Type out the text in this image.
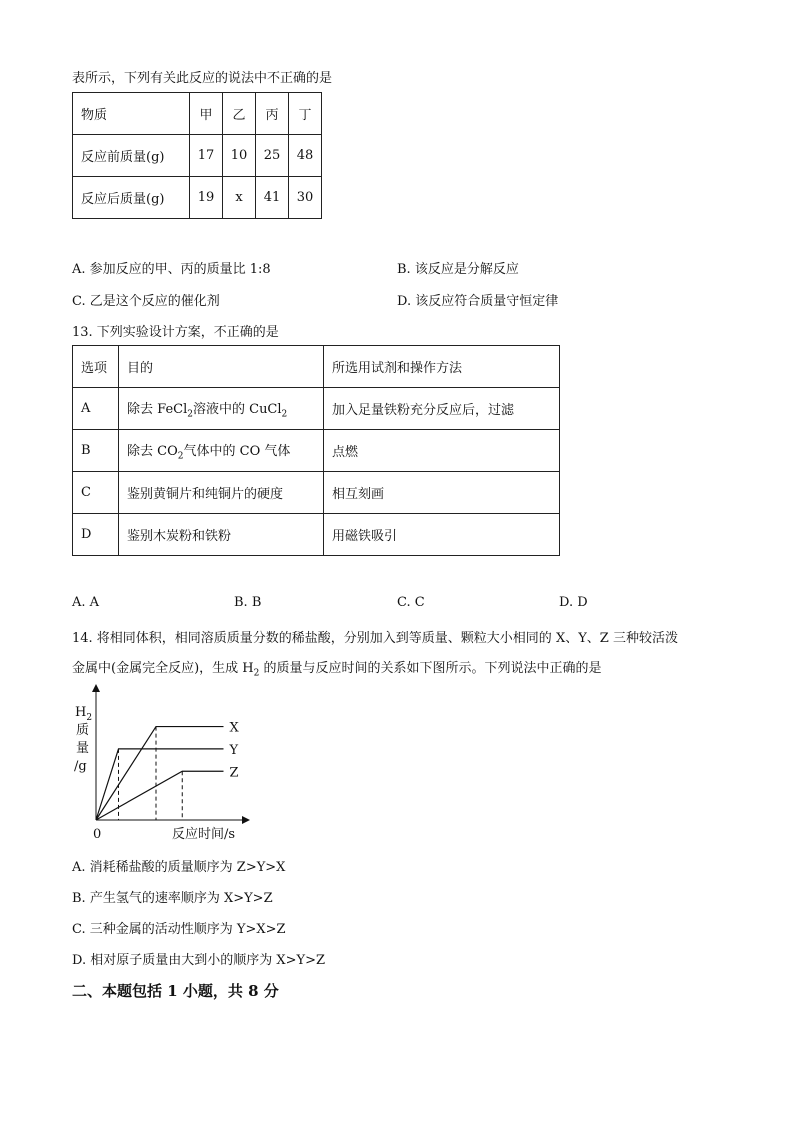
表所示，下列有关此反应的说法中不正确的是
物质	甲	乙	丙	丁
反应前质量(g)	17	10	25	48
反应后质量(g)	19	x	41	30
A. 参加反应的甲、丙的质量比 1:8	B. 该反应是分解反应
C. 乙是这个反应的催化剂	D. 该反应符合质量守恒定律
13. 下列实验设计方案，不正确的是
选项	目的	所选用试剂和操作方法
A	除去 FeCl$_2$溶液中的 CuCl$_2$	加入足量铁粉充分反应后，过滤
B	除去 $CO_2$气体中的 CO 气体	点燃
C	鉴别黄铜片和纯铜片的硬度	相互刻画
D	鉴别木炭粉和铁粉	用磁铁吸引
A. A	B. B	C. C	D. D
14. 将相同体积，相同溶质质量分数的稀盐酸，分别加入到等质量、颗粒大小相同的 X、Y、Z 三种较活泼
金属中(金属完全反应)，生成 $H_2$ 的质量与反应时间的关系如下图所示。下列说法中正确的是
$H_2$
质
量
/g
0	反应时间/s
X
Y
Z
A. 消耗稀盐酸的质量顺序为 Z>Y>X
B. 产生氢气的速率顺序为 X>Y>Z
C. 三种金属的活动性顺序为 Y>X>Z
D. 相对原子质量由大到小的顺序为 X>Y>Z
二、本题包括 1 小题，共 8 分
